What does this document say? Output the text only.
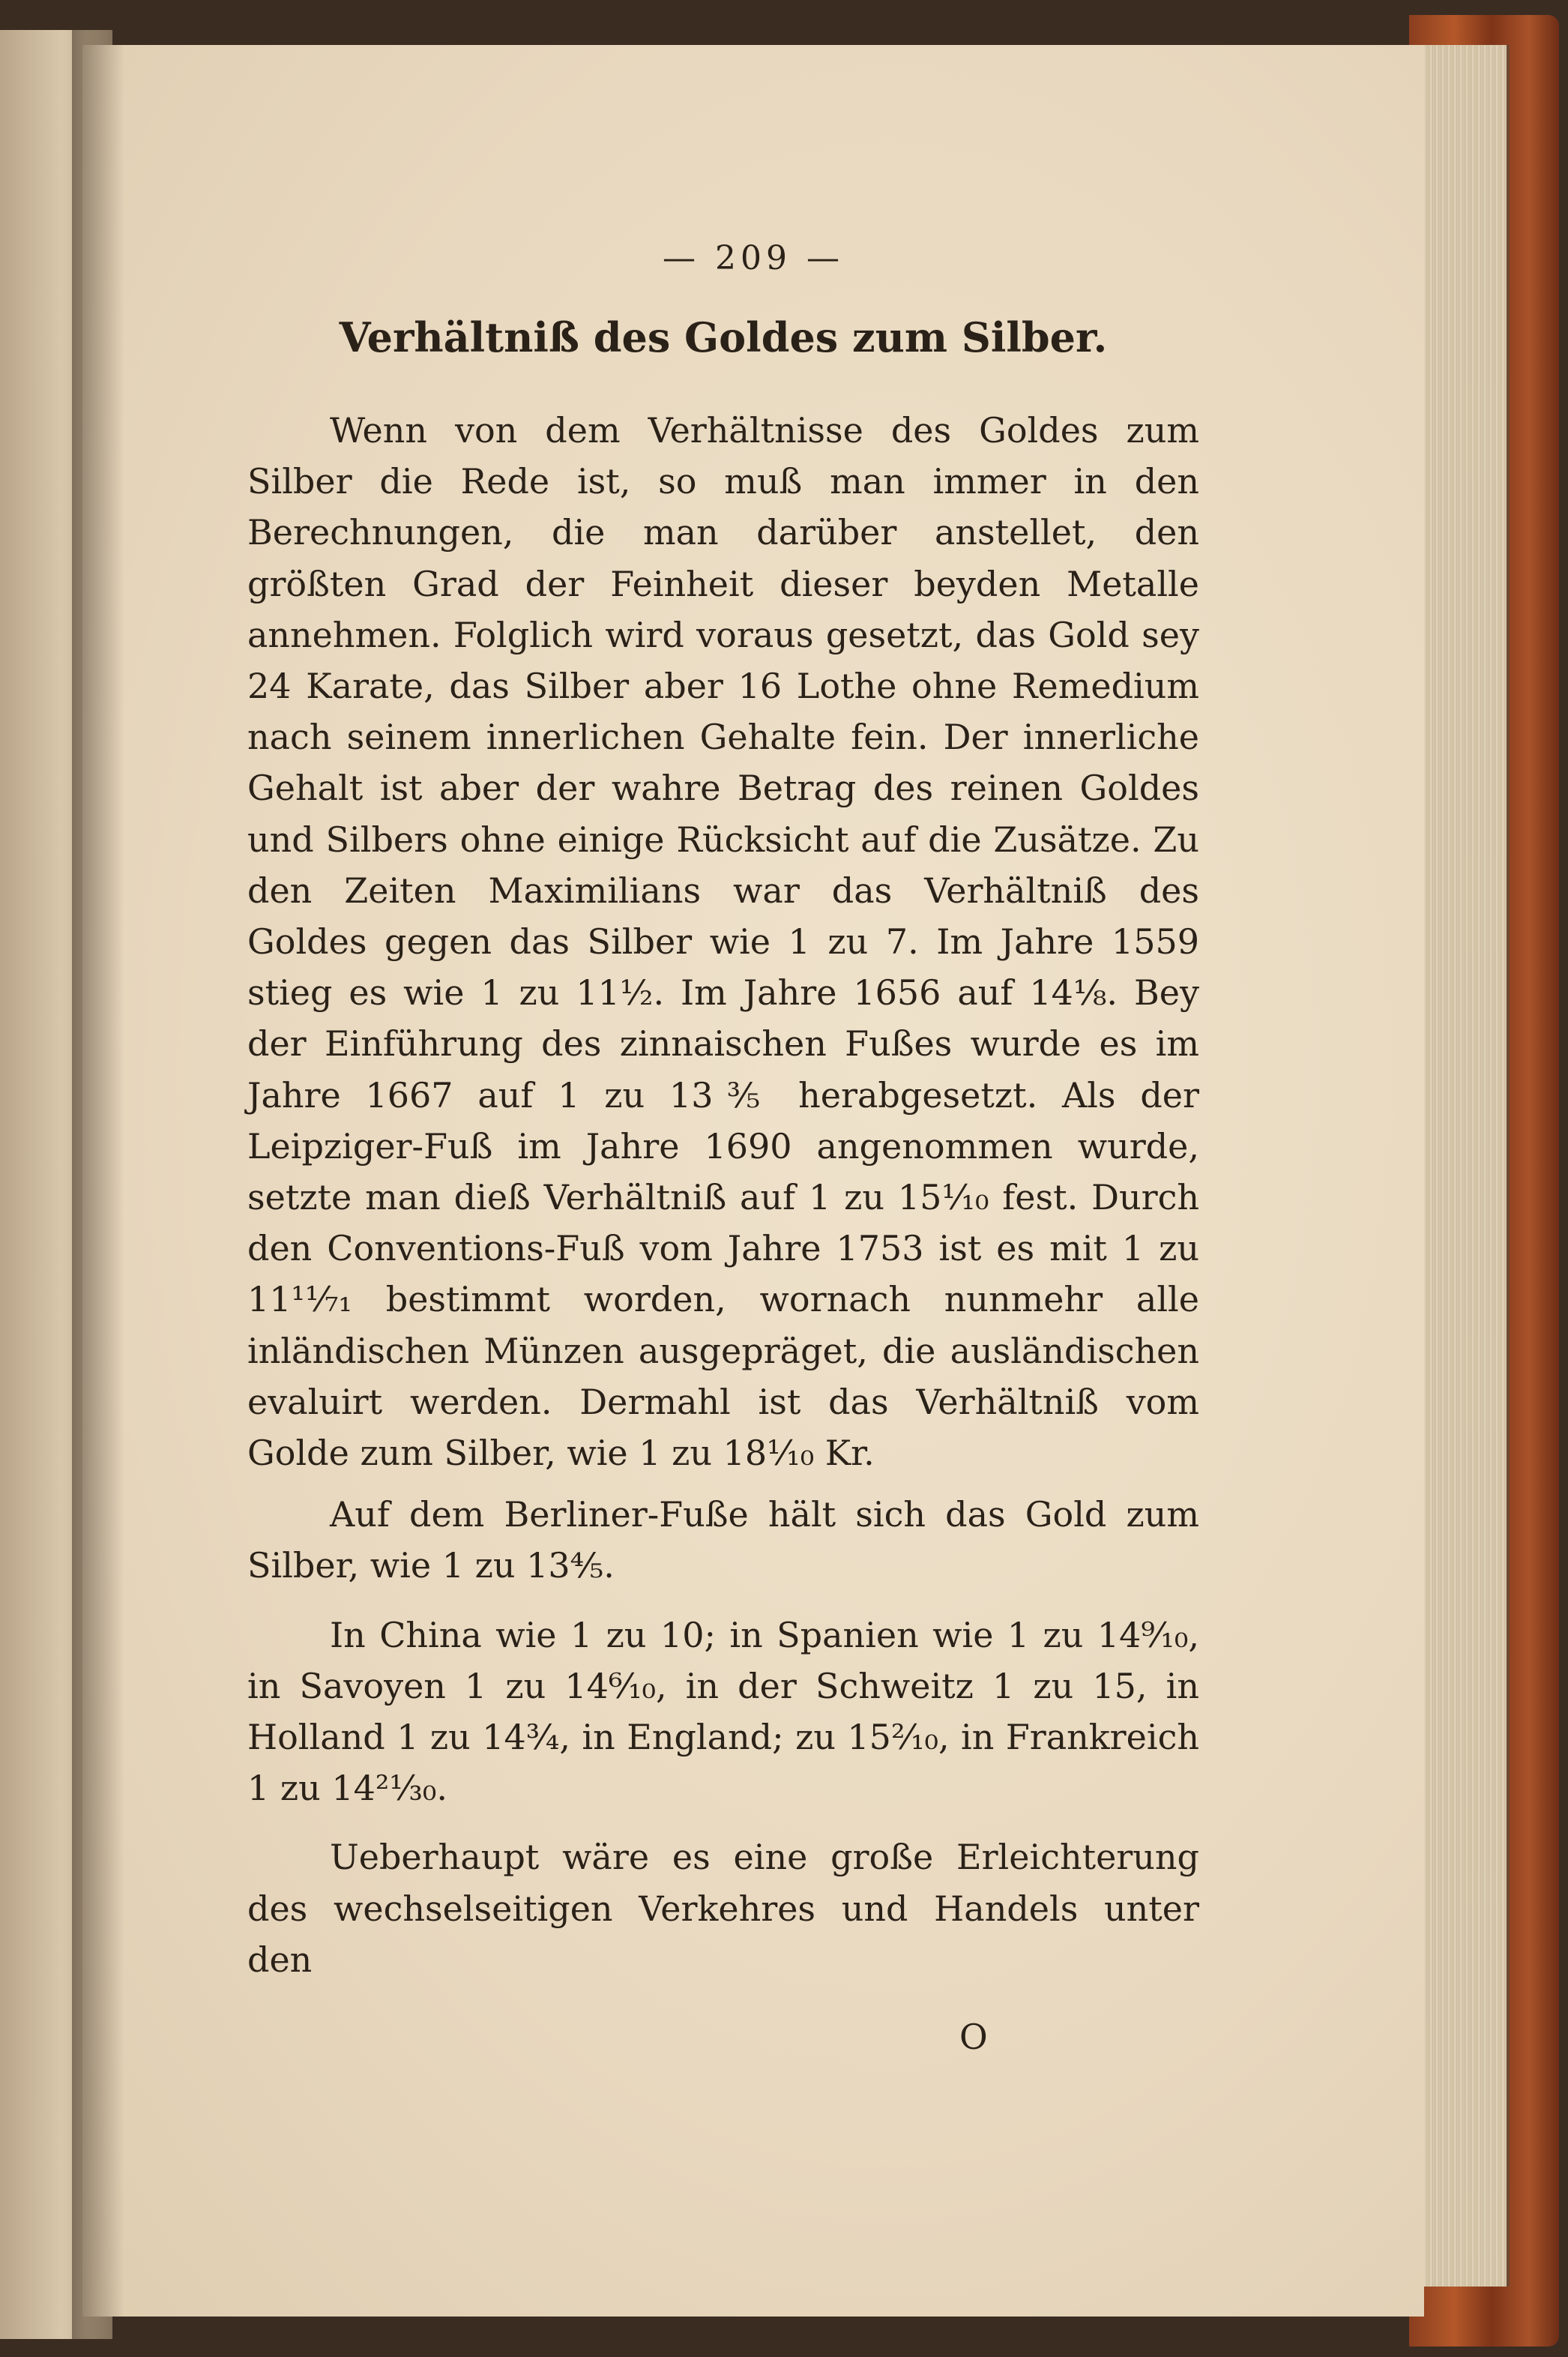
— 209 —
Verhältniß des Goldes zum Silber.

Wenn von dem Verhältnisse des Goldes zum Silber die Rede ist, so muß man immer in den Berechnungen, die man darüber anstellet, den größten Grad der Feinheit dieser beyden Metalle annehmen. Folglich wird voraus gesetzt, das Gold sey 24 Karate, das Silber aber 16 Lothe ohne Remedium nach seinem innerlichen Gehalte fein. Der innerliche Gehalt ist aber der wahre Betrag des reinen Goldes und Silbers ohne einige Rücksicht auf die Zusätze. Zu den Zeiten Maximilians war das Verhältniß des Goldes gegen das Silber wie 1 zu 7. Im Jahre 1559 stieg es wie 1 zu 11½. Im Jahre 1656 auf 14⅛. Bey der Einführung des zinnaischen Fußes wurde es im Jahre 1667 auf 1 zu 13⅗ herabgesetzt. Als der Leipziger-Fuß im Jahre 1690 angenommen wurde, setzte man dieß Verhältniß auf 1 zu 15¹⁄₁₀ fest. Durch den Conventions-Fuß vom Jahre 1753 ist es mit 1 zu 11¹¹⁄₇₁ bestimmt worden, wornach nunmehr alle inländischen Münzen ausgepräget, die ausländischen evaluirt werden. Dermahl ist das Verhältniß vom Golde zum Silber, wie 1 zu 18¹⁄₁₀ Kr.

Auf dem Berliner-Fuße hält sich das Gold zum Silber, wie 1 zu 13⅘.

In China wie 1 zu 10; in Spanien wie 1 zu 14⁹⁄₁₀, in Savoyen 1 zu 14⁶⁄₁₀, in der Schweitz 1 zu 15, in Holland 1 zu 14¾, in England; zu 15²⁄₁₀, in Frankreich 1 zu 14²¹⁄₃₀.

Ueberhaupt wäre es eine große Erleichterung des wechselseitigen Verkehres und Handels unter den

O
